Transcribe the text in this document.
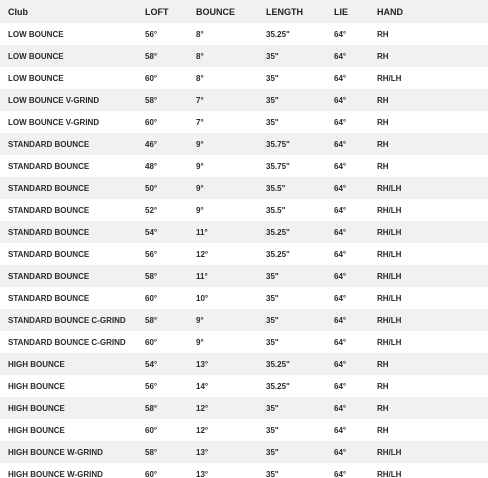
Club	LOFT	BOUNCE	LENGTH	LIE	HAND
LOW BOUNCE	56°	8°	35.25"	64°	RH
LOW BOUNCE	58°	8°	35"	64°	RH
LOW BOUNCE	60°	8°	35"	64°	RH/LH
LOW BOUNCE V-GRIND	58°	7°	35"	64°	RH
LOW BOUNCE V-GRIND	60°	7°	35"	64°	RH
STANDARD BOUNCE	46°	9°	35.75"	64°	RH
STANDARD BOUNCE	48°	9°	35.75"	64°	RH
STANDARD BOUNCE	50°	9°	35.5"	64°	RH/LH
STANDARD BOUNCE	52°	9°	35.5"	64°	RH/LH
STANDARD BOUNCE	54°	11°	35.25"	64°	RH/LH
STANDARD BOUNCE	56°	12°	35.25"	64°	RH/LH
STANDARD BOUNCE	58°	11°	35"	64°	RH/LH
STANDARD BOUNCE	60°	10°	35"	64°	RH/LH
STANDARD BOUNCE C-GRIND	58°	9°	35"	64°	RH/LH
STANDARD BOUNCE C-GRIND	60°	9°	35"	64°	RH/LH
HIGH BOUNCE	54°	13°	35.25"	64°	RH
HIGH BOUNCE	56°	14°	35.25"	64°	RH
HIGH BOUNCE	58°	12°	35"	64°	RH
HIGH BOUNCE	60°	12°	35"	64°	RH
HIGH BOUNCE W-GRIND	58°	13°	35"	64°	RH/LH
HIGH BOUNCE W-GRIND	60°	13°	35"	64°	RH/LH
